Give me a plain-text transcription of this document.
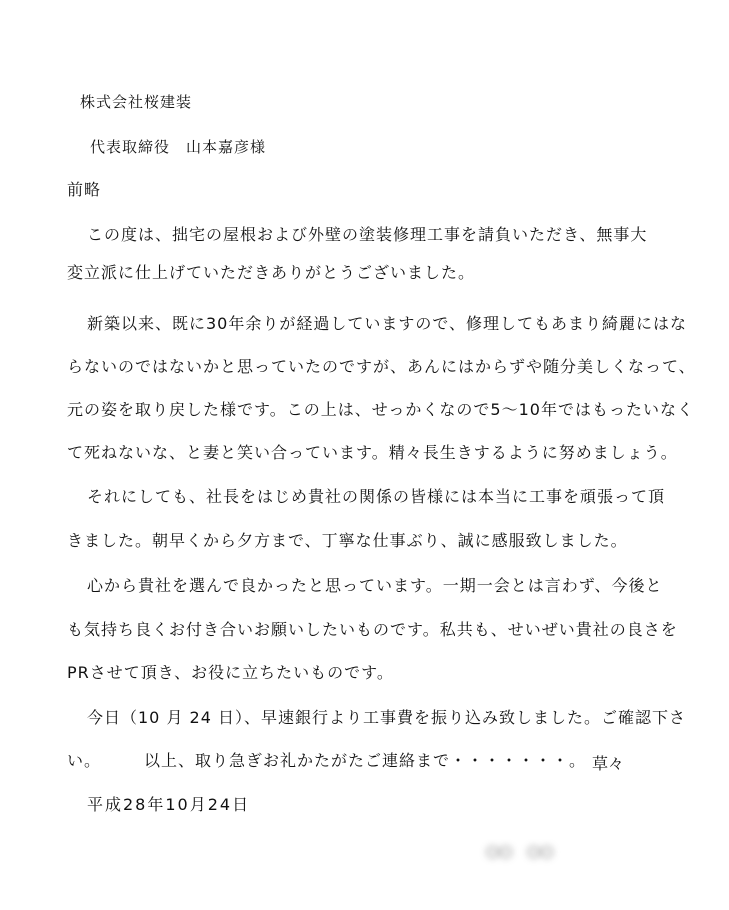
株式会社桜建装
代表取締役　山本嘉彦様
前略
この度は、拙宅の屋根および外壁の塗装修理工事を請負いただき、無事大
変立派に仕上げていただきありがとうございました。
新築以来、既に30年余りが経過していますので、修理してもあまり綺麗にはな
らないのではないかと思っていたのですが、あんにはからずや随分美しくなって、
元の姿を取り戻した様です。この上は、せっかくなので5～10年ではもったいなく
て死ねないな、と妻と笑い合っています。精々長生きするように努めましょう。
それにしても、社長をはじめ貴社の関係の皆様には本当に工事を頑張って頂
きました。朝早くから夕方まで、丁寧な仕事ぶり、誠に感服致しました。
心から貴社を選んで良かったと思っています。一期一会とは言わず、今後と
も気持ち良くお付き合いお願いしたいものです。私共も、せいぜい貴社の良さを
PRさせて頂き、お役に立ちたいものです。
今日（10 月 24 日）、早速銀行より工事費を振り込み致しました。ご確認下さ
い。　　　以上、取り急ぎお礼かたがたご連絡まで・・・・・・・。 草々
平成28年10月24日
○○　○○
